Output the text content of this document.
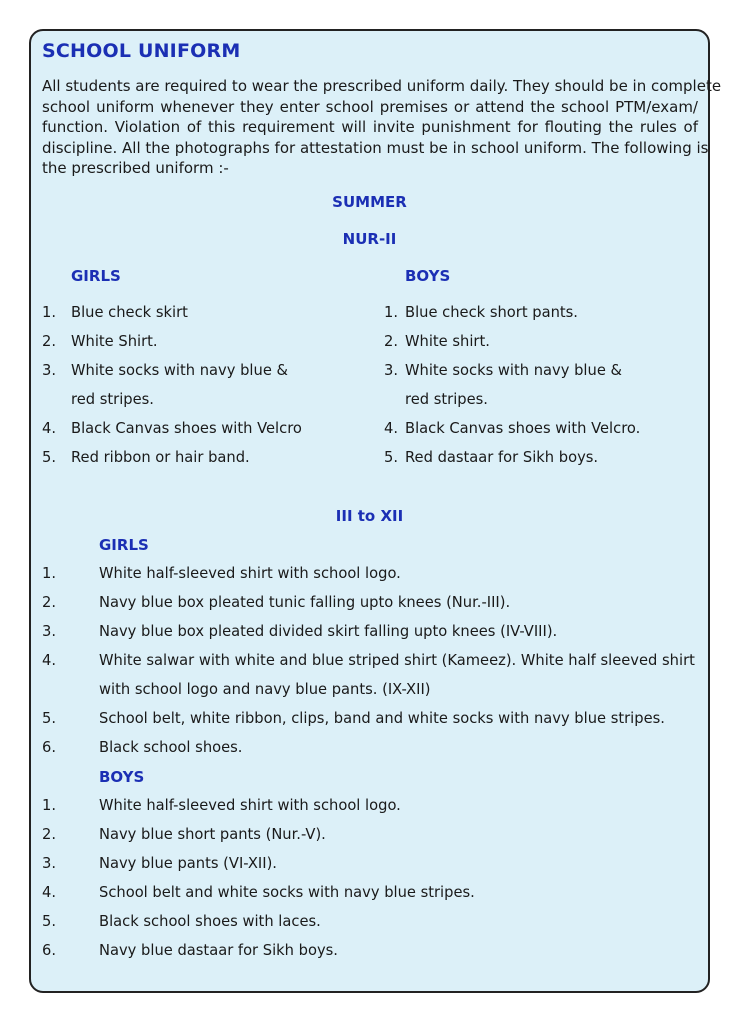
SCHOOL UNIFORM
All students are required to wear the prescribed uniform daily. They should be in complete
school uniform whenever they enter school premises or attend the school PTM/exam/
function. Violation of this requirement will invite punishment for flouting the rules of
discipline. All the photographs for attestation must be in school uniform. The following is
the prescribed uniform :-
SUMMER
NUR-II
GIRLS
1. Blue check skirt
2. White Shirt.
3. White socks with navy blue &
red stripes.
4. Black Canvas shoes with Velcro
5. Red ribbon or hair band.
BOYS
1. Blue check short pants.
2. White shirt.
3. White socks with navy blue &
red stripes.
4. Black Canvas shoes with Velcro.
5. Red dastaar for Sikh boys.
III to XII
GIRLS
1.	White half-sleeved shirt with school logo.
2.	Navy blue box pleated tunic falling upto knees (Nur.-III).
3.	Navy blue box pleated divided skirt falling upto knees (IV-VIII).
4.	White salwar with white and blue striped shirt (Kameez). White half sleeved shirt
with school logo and navy blue pants. (IX-XII)
5.	School belt, white ribbon, clips, band and white socks with navy blue stripes.
6.	Black school shoes.
BOYS
1.	White half-sleeved shirt with school logo.
2.	Navy blue short pants (Nur.-V).
3.	Navy blue pants (VI-XII).
4.	School belt and white socks with navy blue stripes.
5.	Black school shoes with laces.
6.	Navy blue dastaar for Sikh boys.
